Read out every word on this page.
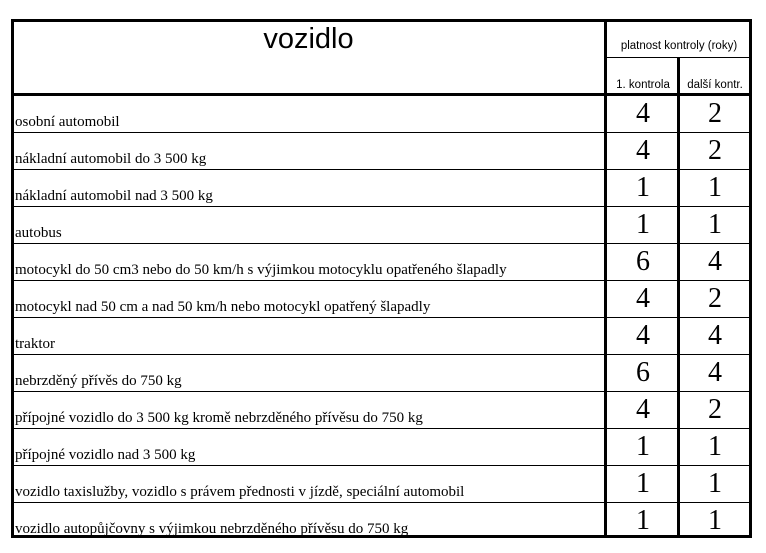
vozidlo	platnost kontroly (roky)
1. kontrola	další kontr.
osobní automobil	4	2
nákladní automobil do 3 500 kg	4	2
nákladní automobil nad 3 500 kg	1	1
autobus	1	1
motocykl do 50 cm3 nebo do 50 km/h s výjimkou motocyklu opatřeného šlapadly	6	4
motocykl nad 50 cm a nad 50 km/h nebo motocykl opatřený šlapadly	4	2
traktor	4	4
nebrzděný přívěs do 750 kg	6	4
přípojné vozidlo do 3 500 kg kromě nebrzděného přívěsu do 750 kg	4	2
přípojné vozidlo nad 3 500 kg	1	1
vozidlo taxislužby, vozidlo s právem přednosti v jízdě, speciální automobil	1	1
vozidlo autopůjčovny s výjimkou nebrzděného přívěsu do 750 kg	1	1
